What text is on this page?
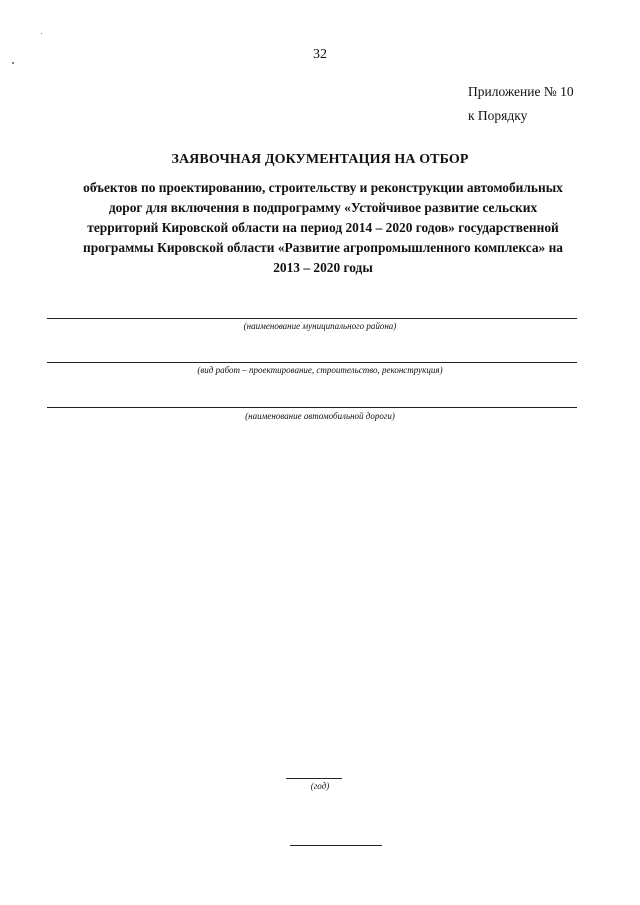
32
Приложение № 10
к Порядку
ЗАЯВОЧНАЯ ДОКУМЕНТАЦИЯ НА ОТБОР
объектов по проектированию, строительству и реконструкции автомобильных дорог для включения в подпрограмму «Устойчивое развитие сельских территорий Кировской области на период 2014 – 2020 годов» государственной программы Кировской области «Развитие агропромышленного комплекса» на 2013 – 2020 годы
(наименование муниципального района)
(вид работ – проектирование, строительство, реконструкция)
(наименование автомобильной дороги)
(год)
